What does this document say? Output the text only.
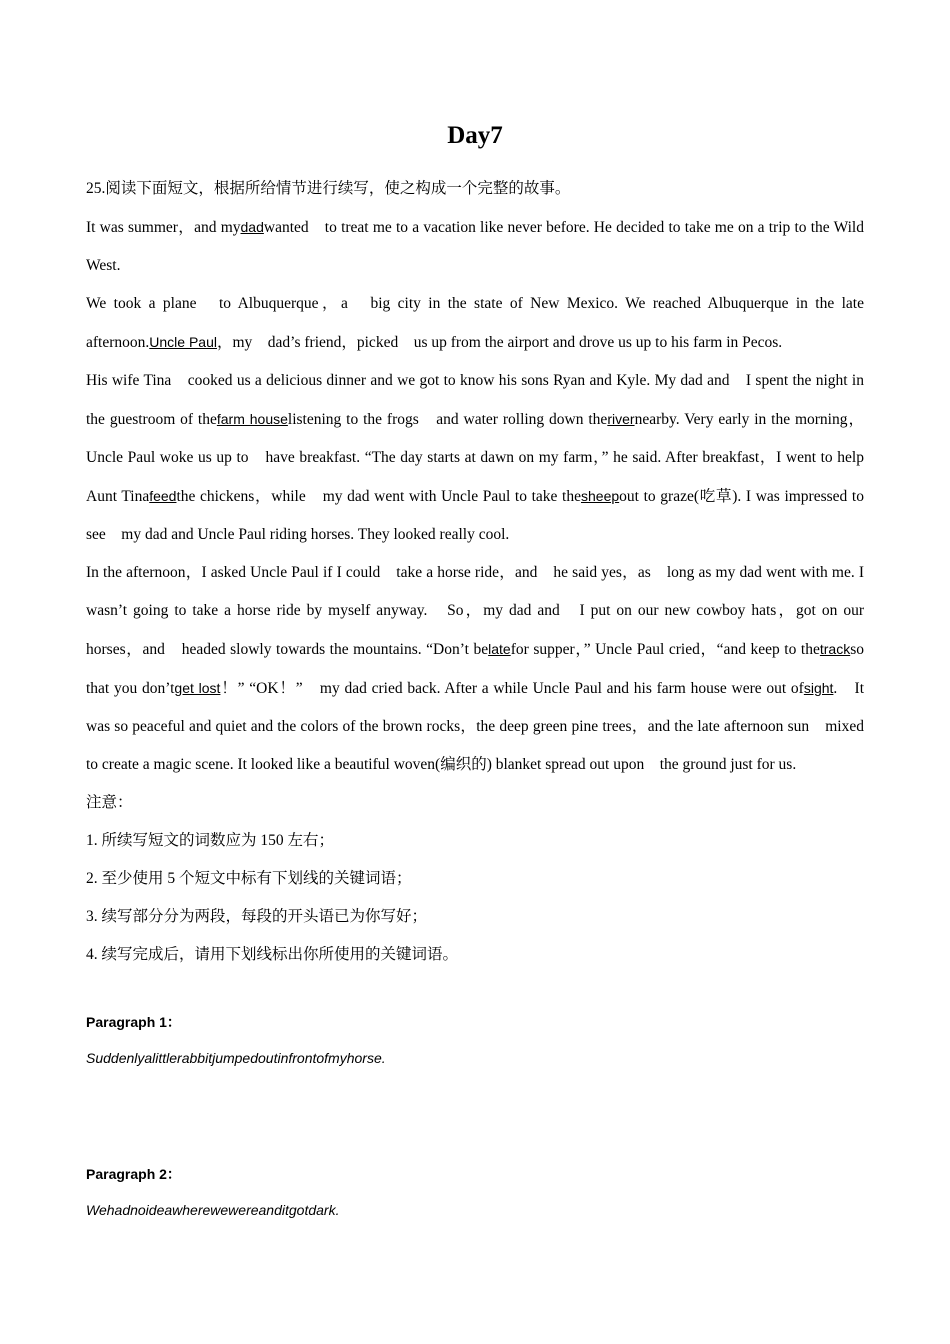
Day7

25.阅读下面短文，根据所给情节进行续写，使之构成一个完整的故事。

It was summer，and mydadwanted　to treat me to a vacation like never before. He decided to take me on a trip to the Wild West.

We took a plane　to Albuquerque，a　big city in the state of New Mexico. We reached Albuquerque in the late afternoon.Uncle Paul，my　dad’s friend，picked　us up from the airport and drove us up to his farm in Pecos.

His wife Tina　cooked us a delicious dinner and we got to know his sons Ryan and Kyle. My dad and　I spent the night in the guestroom of thefarm houselistening to the frogs　and water rolling down therivernearby. Very early in the morning，Uncle Paul woke us up to　have breakfast. “The day starts at dawn on my farm，” he said. After breakfast，I went to help Aunt Tinafeedthe chickens，while　my dad went with Uncle Paul to take thesheepout to graze(吃草). I was impressed to see　my dad and Uncle Paul riding horses. They looked really cool.

In the afternoon，I asked Uncle Paul if I could　take a horse ride，and　he said yes，as　long as my dad went with me. I wasn’t going to take a horse ride by myself anyway.　So，my dad and　I put on our new cowboy hats，got on our horses，and　headed slowly towards the mountains. “Don’t belatefor supper，” Uncle Paul cried，“and keep to thetrackso that you don’tget lost！” “OK！”　my dad cried back. After a while Uncle Paul and his farm house were out ofsight.　It was so peaceful and quiet and the colors of the brown rocks，the deep green pine trees，and the late afternoon sun　mixed to create a magic scene. It looked like a beautiful woven(编织的) blanket spread out upon　the ground just for us.

注意：

1. 所续写短文的词数应为 150 左右；

2. 至少使用 5 个短文中标有下划线的关键词语；

3. 续写部分分为两段，每段的开头语已为你写好；

4. 续写完成后，请用下划线标出你所使用的关键词语。

Paragraph 1：
Suddenlyalittlerabbitjumpedoutinfrontofmyhorse.
Paragraph 2：
Wehadnoideawherewewereanditgotdark.
